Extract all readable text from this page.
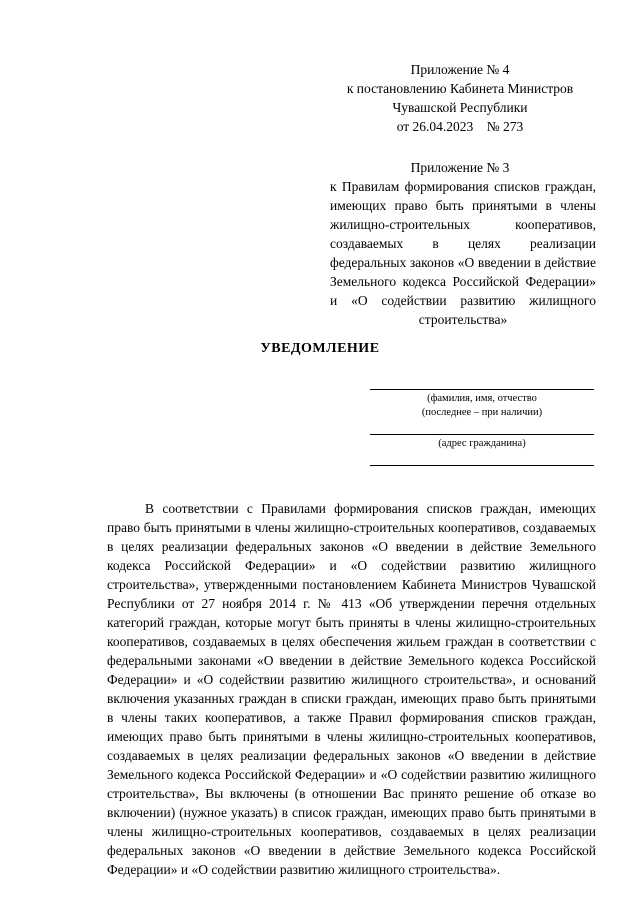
Приложение № 4
к постановлению Кабинета Министров
Чувашской Республики
от 26.04.2023    № 273
Приложение № 3
к Правилам формирования списков граждан, имеющих право быть принятыми в члены жилищно-строительных кооперативов, создаваемых в целях реализации федеральных законов «О введении в действие Земельного кодекса Российской Федерации» и «О содействии развитию жилищного строительства»
УВЕДОМЛЕНИЕ
(фамилия, имя, отчество
(последнее – при наличии)
(адрес гражданина)
В соответствии с Правилами формирования списков граждан, имеющих право быть принятыми в члены жилищно-строительных кооперативов, создаваемых в целях реализации федеральных законов «О введении в действие Земельного кодекса Российской Федерации» и «О содействии развитию жилищного строительства», утвержденными постановлением Кабинета Министров Чувашской Республики от 27 ноября 2014 г. № 413 «Об утверждении перечня отдельных категорий граждан, которые могут быть приняты в члены жилищно-строительных кооперативов, создаваемых в целях обеспечения жильем граждан в соответствии с федеральными законами «О введении в действие Земельного кодекса Российской Федерации» и «О содействии развитию жилищного строительства», и оснований включения указанных граждан в списки граждан, имеющих право быть принятыми в члены таких кооперативов, а также Правил формирования списков граждан, имеющих право быть принятыми в члены жилищно-строительных кооперативов, создаваемых в целях реализации федеральных законов «О введении в действие Земельного кодекса Российской Федерации» и «О содействии развитию жилищного строительства», Вы включены (в отношении Вас принято решение об отказе во включении) (нужное указать) в список граждан, имеющих право быть принятыми в члены жилищно-строительных кооперативов, создаваемых в целях реализации федеральных законов «О введении в действие Земельного кодекса Российской Федерации» и «О содействии развитию жилищного строительства».
